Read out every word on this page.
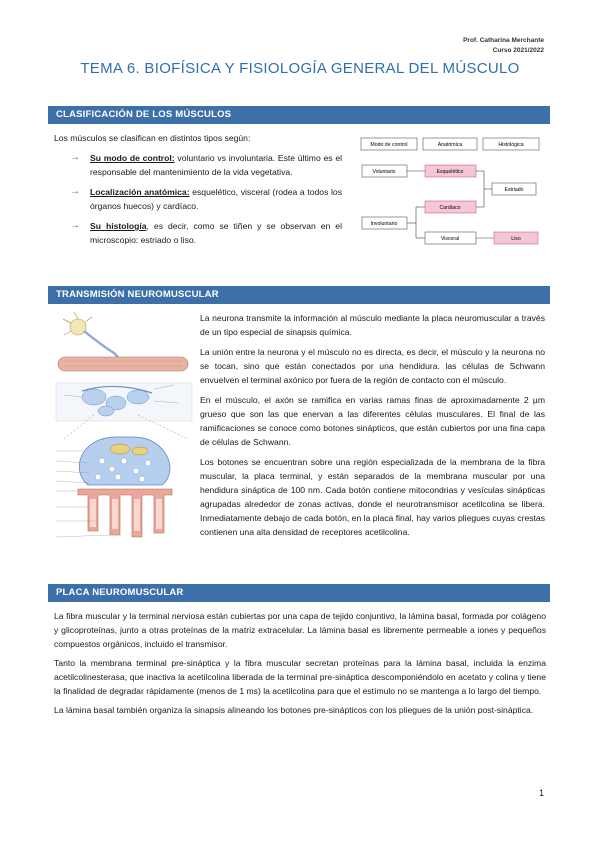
Prof. Catharina Merchante
Curso 2021/2022
TEMA 6. BIOFÍSICA Y FISIOLOGÍA GENERAL DEL MÚSCULO
CLASIFICACIÓN DE LOS MÚSCULOS
Los músculos se clasifican en distintos tipos según:
→ Su modo de control: voluntario vs involuntaria. Este último es el responsable del mantenimiento de la vida vegetativa.
→ Localización anatómica: esquelético, visceral (rodea a todos los órganos huecos) y cardíaco.
→ Su histología, es decir, como se tiñen y se observan en el microscopio: estriado o liso.
Modo de control	Anatómica	Histológica
Voluntario
Involuntario
Esquelético
Cardíaco
Visceral
Estriado
Liso
TRANSMISIÓN NEUROMUSCULAR

La neurona transmite la información al músculo mediante la placa neuromuscular a través de un tipo especial de sinapsis química.

La unión entre la neurona y el músculo no es directa, es decir, el músculo y la neurona no se tocan, sino que están conectados por una hendidura. las células de Schwann envuelven el terminal axónico por fuera de la región de contacto con el músculo.

En el músculo, el axón se ramifica en varias ramas finas de aproximadamente 2 µm grueso que son las que enervan a las diferentes células musculares. El final de las ramificaciones se conoce como botones sinápticos, que están cubiertos por una fina capa de células de Schwann.

Los botones se encuentran sobre una región especializada de la membrana de la fibra muscular, la placa terminal, y están separados de la membrana muscular por una hendidura sináptica de 100 nm. Cada botón contiene mitocondrias y vesículas sinápticas agrupadas alrededor de zonas activas, donde el neurotransmisor acetilcolina se libera. Inmediatamente debajo de cada botón, en la placa final, hay varios pliegues cuyas crestas contienen una alta densidad de receptores acetilcolina.

PLACA NEUROMUSCULAR

La fibra muscular y la terminal nerviosa están cubiertas por una capa de tejido conjuntivo, la lámina basal, formada por colágeno y glicoproteínas, junto a otras proteínas de la matriz extracelular. La lámina basal es libremente permeable a iones y pequeños compuestos orgánicos, incluido el transmisor.

Tanto la membrana terminal pre-sináptica y la fibra muscular secretan proteínas para la lámina basal, incluida la enzima acetilcolinesterasa, que inactiva la acetilcolina liberada de la terminal pre-sináptica descomponiéndolo en acetato y colina y tiene la finalidad de degradar rápidamente (menos de 1 ms) la acetilcolina para que el estímulo no se mantenga a lo largo del tiempo.

La lámina basal también organiza la sinapsis alineando los botones pre-sinápticos con los pliegues de la unión post-sináptica.

1
